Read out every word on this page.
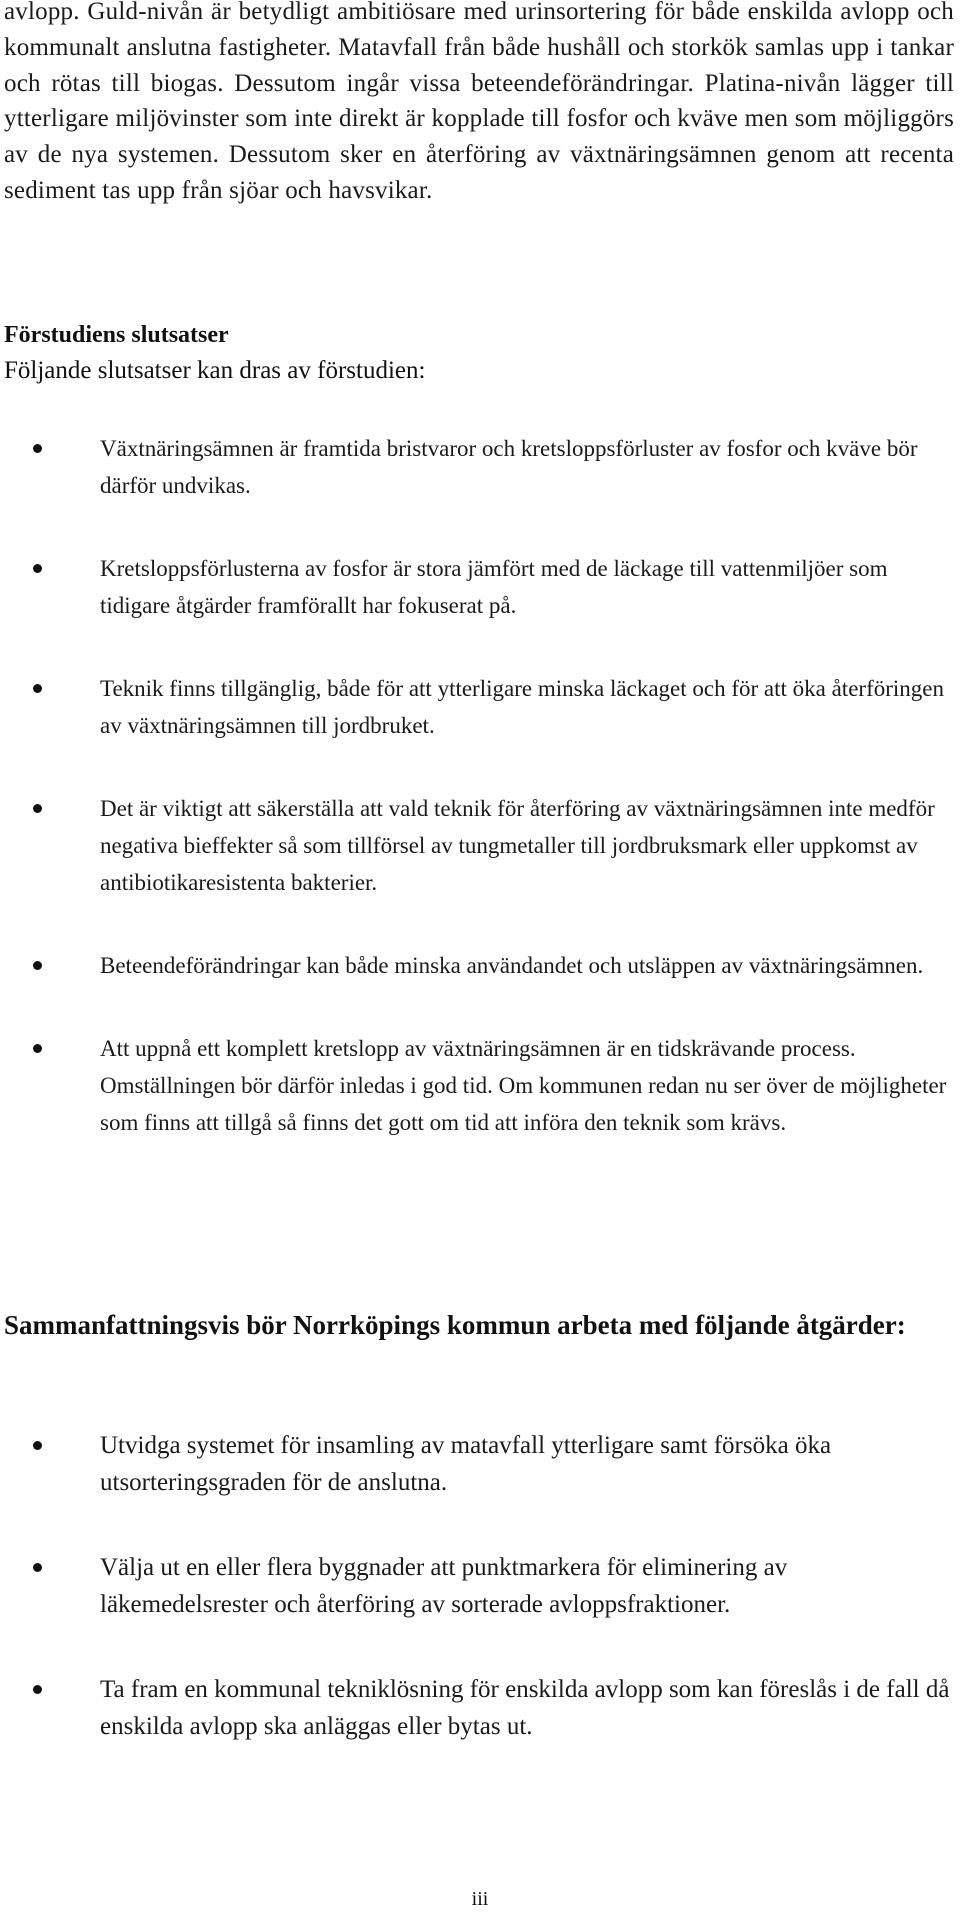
avlopp. Guld-nivån är betydligt ambitiösare med urinsortering för både enskilda avlopp och kommunalt anslutna fastigheter. Matavfall från både hushåll och storkök samlas upp i tankar och rötas till biogas. Dessutom ingår vissa beteendeförändringar. Platina-nivån lägger till ytterligare miljövinster som inte direkt är kopplade till fosfor och kväve men som möjliggörs av de nya systemen. Dessutom sker en återföring av växtnäringsämnen genom att recenta sediment tas upp från sjöar och havsvikar.

Förstudiens slutsatser

Följande slutsatser kan dras av förstudien:

Växtnäringsämnen är framtida bristvaror och kretsloppsförluster av fosfor och kväve bör därför undvikas.
Kretsloppsförlusterna av fosfor är stora jämfört med de läckage till vattenmiljöer som tidigare åtgärder framförallt har fokuserat på.
Teknik finns tillgänglig, både för att ytterligare minska läckaget och för att öka återföringen av växtnäringsämnen till jordbruket.
Det är viktigt att säkerställa att vald teknik för återföring av växtnäringsämnen inte medför negativa bieffekter så som tillförsel av tungmetaller till jordbruksmark eller uppkomst av antibiotikaresistenta bakterier.
Beteendeförändringar kan både minska användandet och utsläppen av växtnäringsämnen.
Att uppnå ett komplett kretslopp av växtnäringsämnen är en tidskrävande process. Omställningen bör därför inledas i god tid. Om kommunen redan nu ser över de möjligheter som finns att tillgå så finns det gott om tid att införa den teknik som krävs.
Sammanfattningsvis bör Norrköpings kommun arbeta med följande åtgärder:
Utvidga systemet för insamling av matavfall ytterligare samt försöka öka utsorteringsgraden för de anslutna.
Välja ut en eller flera byggnader att punktmarkera för eliminering av läkemedelsrester och återföring av sorterade avloppsfraktioner.
Ta fram en kommunal tekniklösning för enskilda avlopp som kan föreslås i de fall då enskilda avlopp ska anläggas eller bytas ut.

iii
